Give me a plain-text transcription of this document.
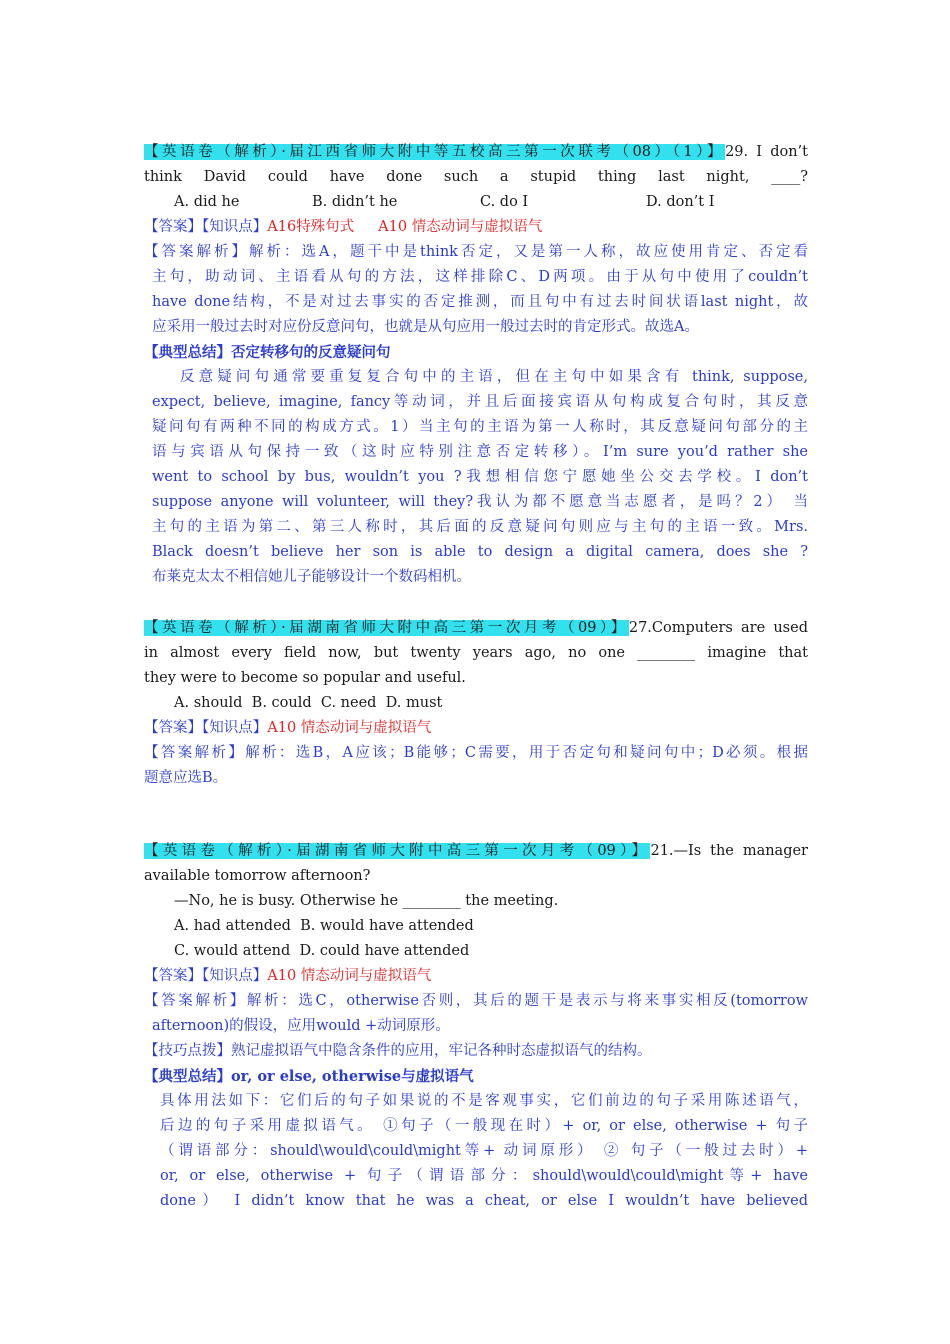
【英语卷（解析）·届江西省师大附中等五校高三第一次联考（08）（1）】29. I don’t
think David could have done such a stupid thing last night, ____?
A. did he	B. didn’t he	C. do I	D. don’t I
【答案】【知识点】A16特殊句式 A10 情态动词与虚拟语气
【答案解析】解析：选A，题干中是think否定，又是第一人称，故应使用肯定、否定看
主句，助动词、主语看从句的方法，这样排除C、D两项。由于从句中使用了couldn’t
have done结构，不是对过去事实的否定推测，而且句中有过去时间状语last night，故
应采用一般过去时对应份反意问句，也就是从句应用一般过去时的肯定形式。故选A。
【典型总结】否定转移句的反意疑问句
反意疑问句通常要重复复合句中的主语，但在主句中如果含有 think, suppose,
expect, believe, imagine, fancy等动词，并且后面接宾语从句构成复合句时，其反意
疑问句有两种不同的构成方式。1）当主句的主语为第一人称时，其反意疑问句部分的主
语与宾语从句保持一致（这时应特别注意否定转移）。I’m sure you’d rather she
went to school by bus, wouldn’t you ?我想相信您宁愿她坐公交去学校。I don’t
suppose anyone will volunteer, will they?我认为都不愿意当志愿者，是吗？2） 当
主句的主语为第二、第三人称时，其后面的反意疑问句则应与主句的主语一致。Mrs.
Black doesn’t believe her son is able to design a digital camera, does she ?
布莱克太太不相信她儿子能够设计一个数码相机。
【英语卷（解析）·届湖南省师大附中高三第一次月考（09）】27.Computers are used
in almost every field now, but twenty years ago, no one ________ imagine that
they were to become so popular and useful.
A. should  B. could  C. need  D. must
【答案】【知识点】A10 情态动词与虚拟语气
【答案解析】解析：选B，A应该；B能够；C需要，用于否定句和疑问句中；D必须。根据
题意应选B。
【英语卷（解析）·届湖南省师大附中高三第一次月考（09）】21.—Is the manager
available tomorrow afternoon?
—No, he is busy. Otherwise he ________ the meeting.
A. had attended  B. would have attended
C. would attend  D. could have attended
【答案】【知识点】A10 情态动词与虚拟语气
【答案解析】解析：选C，otherwise否则，其后的题干是表示与将来事实相反(tomorrow
afternoon)的假设，应用would +动词原形。
【技巧点拨】熟记虚拟语气中隐含条件的应用，牢记各种时态虚拟语气的结构。
【典型总结】or, or else, otherwise与虚拟语气
具体用法如下：它们后的句子如果说的不是客观事实，它们前边的句子采用陈述语气，
后边的句子采用虚拟语气。 ①句子（一般现在时）+ or, or else, otherwise + 句子
（谓语部分：should\would\could\might等+ 动词原形） ② 句子（一般过去时）+
or, or else, otherwise + 句子（谓语部分：should\would\could\might等+ have
done） I didn’t know that he was a cheat, or else I wouldn’t have believed
